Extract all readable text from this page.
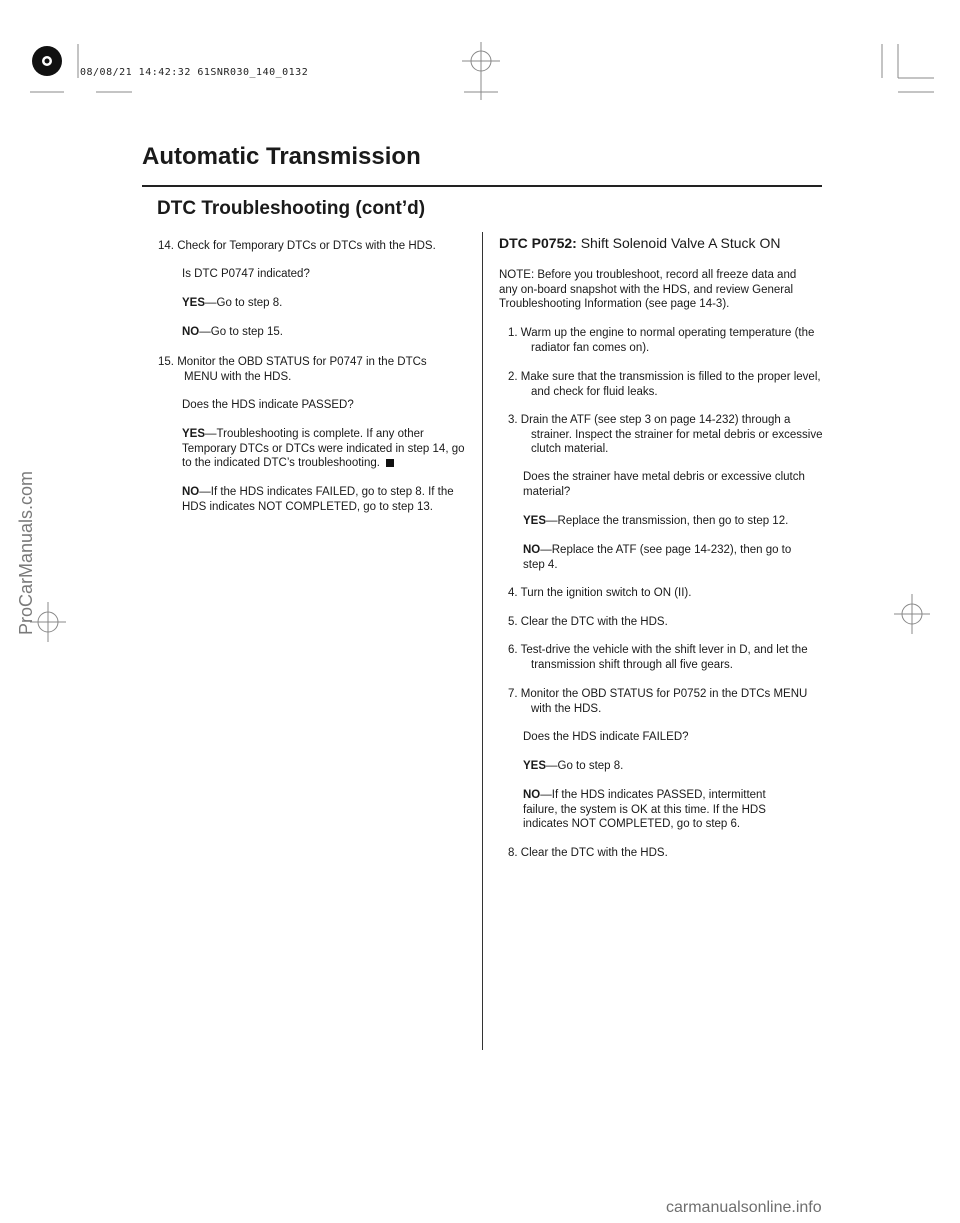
08/08/21 14:42:32 61SNR030_140_0132
Automatic Transmission
DTC Troubleshooting (cont’d)

14. Check for Temporary DTCs or DTCs with the HDS.

Is DTC P0747 indicated?
YES—Go to step 8.
NO—Go to step 15.

15. Monitor the OBD STATUS for P0747 in the DTCs MENU with the HDS.

Does the HDS indicate PASSED?
YES—Troubleshooting is complete. If any other Temporary DTCs or DTCs were indicated in step 14, go to the indicated DTC’s troubleshooting.
NO—If the HDS indicates FAILED, go to step 8. If the HDS indicates NOT COMPLETED, go to step 13.
DTC P0752: Shift Solenoid Valve A Stuck ON
NOTE: Before you troubleshoot, record all freeze data and any on-board snapshot with the HDS, and review General Troubleshooting Information (see page 14-3).
1. Warm up the engine to normal operating temperature (the radiator fan comes on).
2. Make sure that the transmission is filled to the proper level, and check for fluid leaks.
3. Drain the ATF (see step 3 on page 14-232) through a strainer. Inspect the strainer for metal debris or excessive clutch material.
Does the strainer have metal debris or excessive clutch material?
YES—Replace the transmission, then go to step 12.
NO—Replace the ATF (see page 14-232), then go to step 4.
4. Turn the ignition switch to ON (II).
5. Clear the DTC with the HDS.
6. Test-drive the vehicle with the shift lever in D, and let the transmission shift through all five gears.
7. Monitor the OBD STATUS for P0752 in the DTCs MENU with the HDS.
Does the HDS indicate FAILED?
YES—Go to step 8.
NO—If the HDS indicates PASSED, intermittent failure, the system is OK at this time. If the HDS indicates NOT COMPLETED, go to step 6.
8. Clear the DTC with the HDS.
ProCarManuals.com
carmanualsonline.info
